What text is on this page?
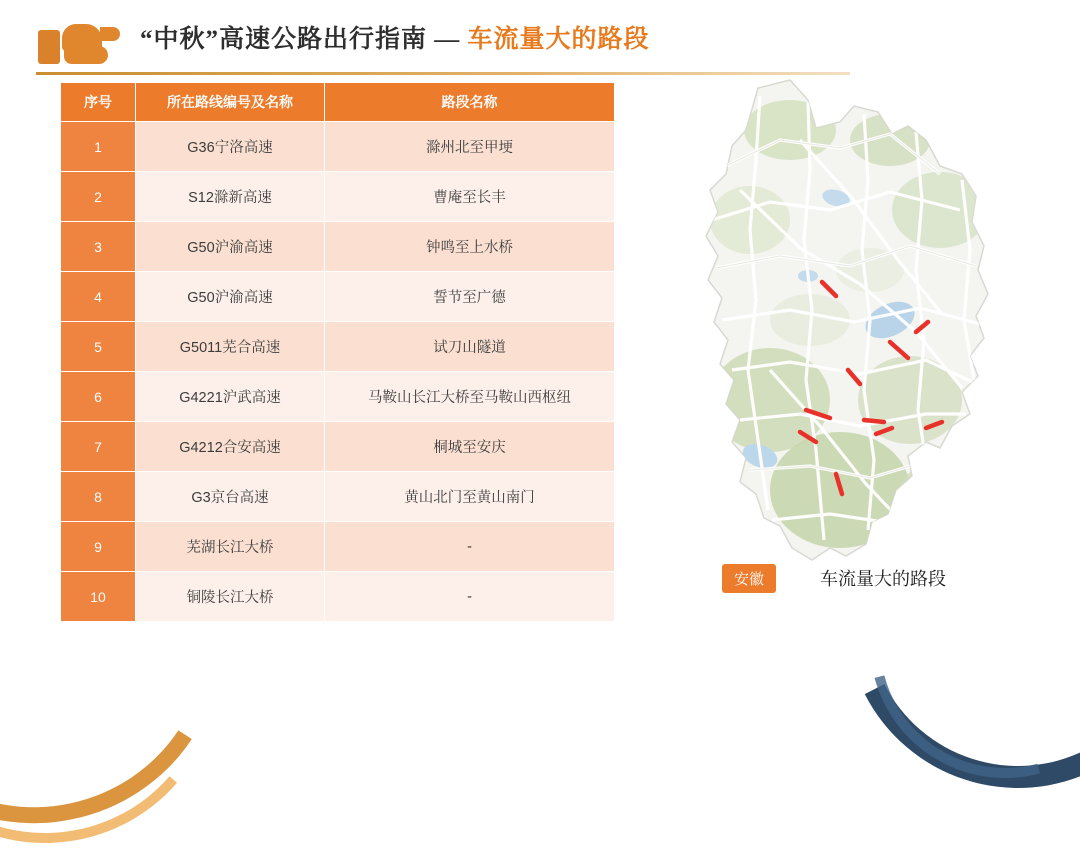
“中秋”高速公路出行指南 — 车流量大的路段
序号	所在路线编号及名称	路段名称
1	G36宁洛高速	滁州北至甲埂
2	S12滁新高速	曹庵至长丰
3	G50沪渝高速	钟鸣至上水桥
4	G50沪渝高速	誓节至广德
5	G5011芜合高速	试刀山隧道
6	G4221沪武高速	马鞍山长江大桥至马鞍山西枢纽
7	G4212合安高速	桐城至安庆
8	G3京台高速	黄山北门至黄山南门
9	芜湖长江大桥	-
10	铜陵长江大桥	-
安徽	车流量大的路段
